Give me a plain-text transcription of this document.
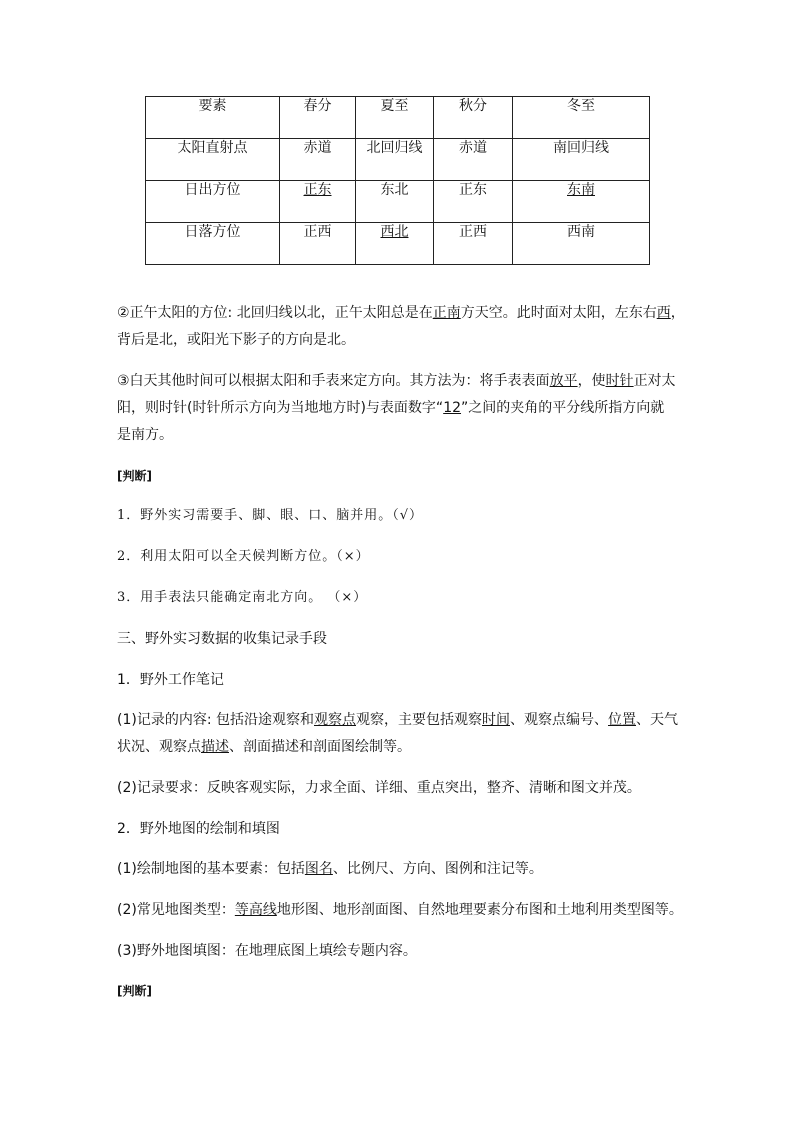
要素	春分	夏至	秋分	冬至
太阳直射点	赤道	北回归线	赤道	南回归线
日出方位	正东	东北	正东	东南
日落方位	正西	西北	正西	西南
②正午太阳的方位: 北回归线以北，正午太阳总是在正南方天空。此时面对太阳，左东右西，
背后是北，或阳光下影子的方向是北。
③白天其他时间可以根据太阳和手表来定方向。其方法为：将手表表面放平，使时针正对太
阳，则时针(时针所示方向为当地地方时)与表面数字“12”之间的夹角的平分线所指方向就
是南方。
[判断]
1．野外实习需要手、脚、眼、口、脑并用。（√）
2．利用太阳可以全天候判断方位。（×）
3．用手表法只能确定南北方向。 （×）
三、野外实习数据的收集记录手段
1．野外工作笔记
(1)记录的内容: 包括沿途观察和观察点观察，主要包括观察时间、观察点编号、位置、天气
状况、观察点描述、剖面描述和剖面图绘制等。
(2)记录要求：反映客观实际，力求全面、详细、重点突出，整齐、清晰和图文并茂。
2．野外地图的绘制和填图
(1)绘制地图的基本要素：包括图名、比例尺、方向、图例和注记等。
(2)常见地图类型：等高线地形图、地形剖面图、自然地理要素分布图和土地利用类型图等。
(3)野外地图填图：在地理底图上填绘专题内容。
[判断]
